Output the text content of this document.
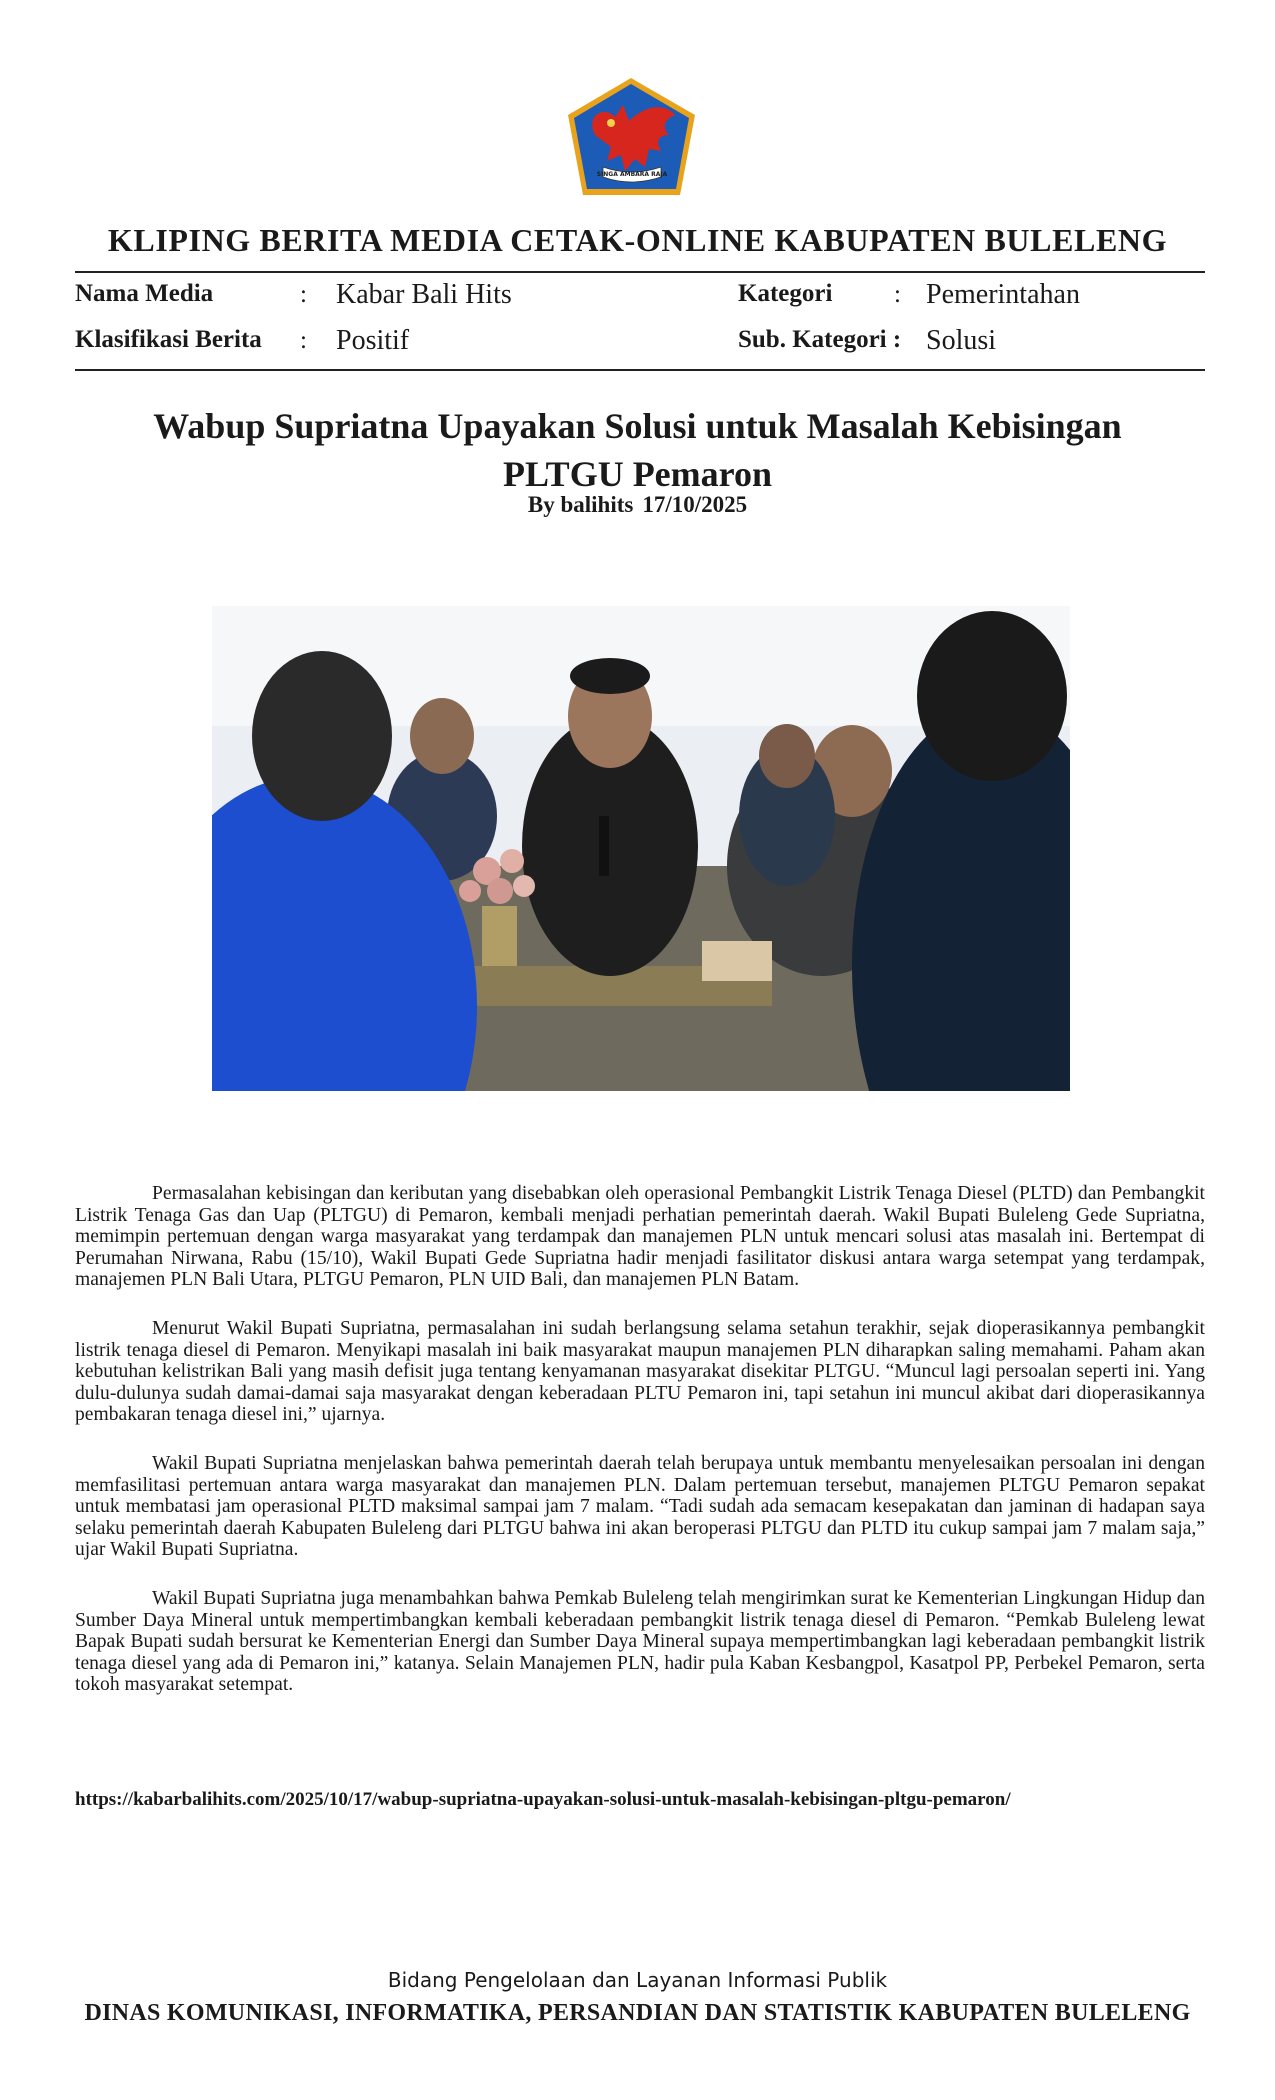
SINGA AMBARA RAJA
KLIPING BERITA MEDIA CETAK-ONLINE KABUPATEN BULELENG
Nama Media	: Kabar Bali Hits	Kategori : Pemerintahan
Klasifikasi Berita : Positif	Sub. Kategori : Solusi
Wabup Supriatna Upayakan Solusi untuk Masalah Kebisingan
PLTGU Pemaron
By balihits 17/10/2025

Permasalahan kebisingan dan keributan yang disebabkan oleh operasional Pembangkit Listrik Tenaga Diesel (PLTD) dan Pembangkit Listrik Tenaga Gas dan Uap (PLTGU) di Pemaron, kembali menjadi perhatian pemerintah daerah. Wakil Bupati Buleleng Gede Supriatna, memimpin pertemuan dengan warga masyarakat yang terdampak dan manajemen PLN untuk mencari solusi atas masalah ini. Bertempat di Perumahan Nirwana, Rabu (15/10), Wakil Bupati Gede Supriatna hadir menjadi fasilitator diskusi antara warga setempat yang terdampak, manajemen PLN Bali Utara, PLTGU Pemaron, PLN UID Bali, dan manajemen PLN Batam.

Menurut Wakil Bupati Supriatna, permasalahan ini sudah berlangsung selama setahun terakhir, sejak dioperasikannya pembangkit listrik tenaga diesel di Pemaron. Menyikapi masalah ini baik masyarakat maupun manajemen PLN diharapkan saling memahami. Paham akan kebutuhan kelistrikan Bali yang masih defisit juga tentang kenyamanan masyarakat disekitar PLTGU. “Muncul lagi persoalan seperti ini. Yang dulu-dulunya sudah damai-damai saja masyarakat dengan keberadaan PLTU Pemaron ini, tapi setahun ini muncul akibat dari dioperasikannya pembakaran tenaga diesel ini,” ujarnya.

Wakil Bupati Supriatna menjelaskan bahwa pemerintah daerah telah berupaya untuk membantu menyelesaikan persoalan ini dengan memfasilitasi pertemuan antara warga masyarakat dan manajemen PLN. Dalam pertemuan tersebut, manajemen PLTGU Pemaron sepakat untuk membatasi jam operasional PLTD maksimal sampai jam 7 malam. “Tadi sudah ada semacam kesepakatan dan jaminan di hadapan saya selaku pemerintah daerah Kabupaten Buleleng dari PLTGU bahwa ini akan beroperasi PLTGU dan PLTD itu cukup sampai jam 7 malam saja,” ujar Wakil Bupati Supriatna.

Wakil Bupati Supriatna juga menambahkan bahwa Pemkab Buleleng telah mengirimkan surat ke Kementerian Lingkungan Hidup dan Sumber Daya Mineral untuk mempertimbangkan kembali keberadaan pembangkit listrik tenaga diesel di Pemaron. “Pemkab Buleleng lewat Bapak Bupati sudah bersurat ke Kementerian Energi dan Sumber Daya Mineral supaya mempertimbangkan lagi keberadaan pembangkit listrik tenaga diesel yang ada di Pemaron ini,” katanya. Selain Manajemen PLN, hadir pula Kaban Kesbangpol, Kasatpol PP, Perbekel Pemaron, serta tokoh masyarakat setempat.

https://kabarbalihits.com/2025/10/17/wabup-supriatna-upayakan-solusi-untuk-masalah-kebisingan-pltgu-pemaron/
Bidang Pengelolaan dan Layanan Informasi Publik
DINAS KOMUNIKASI, INFORMATIKA, PERSANDIAN DAN STATISTIK KABUPATEN BULELENG
